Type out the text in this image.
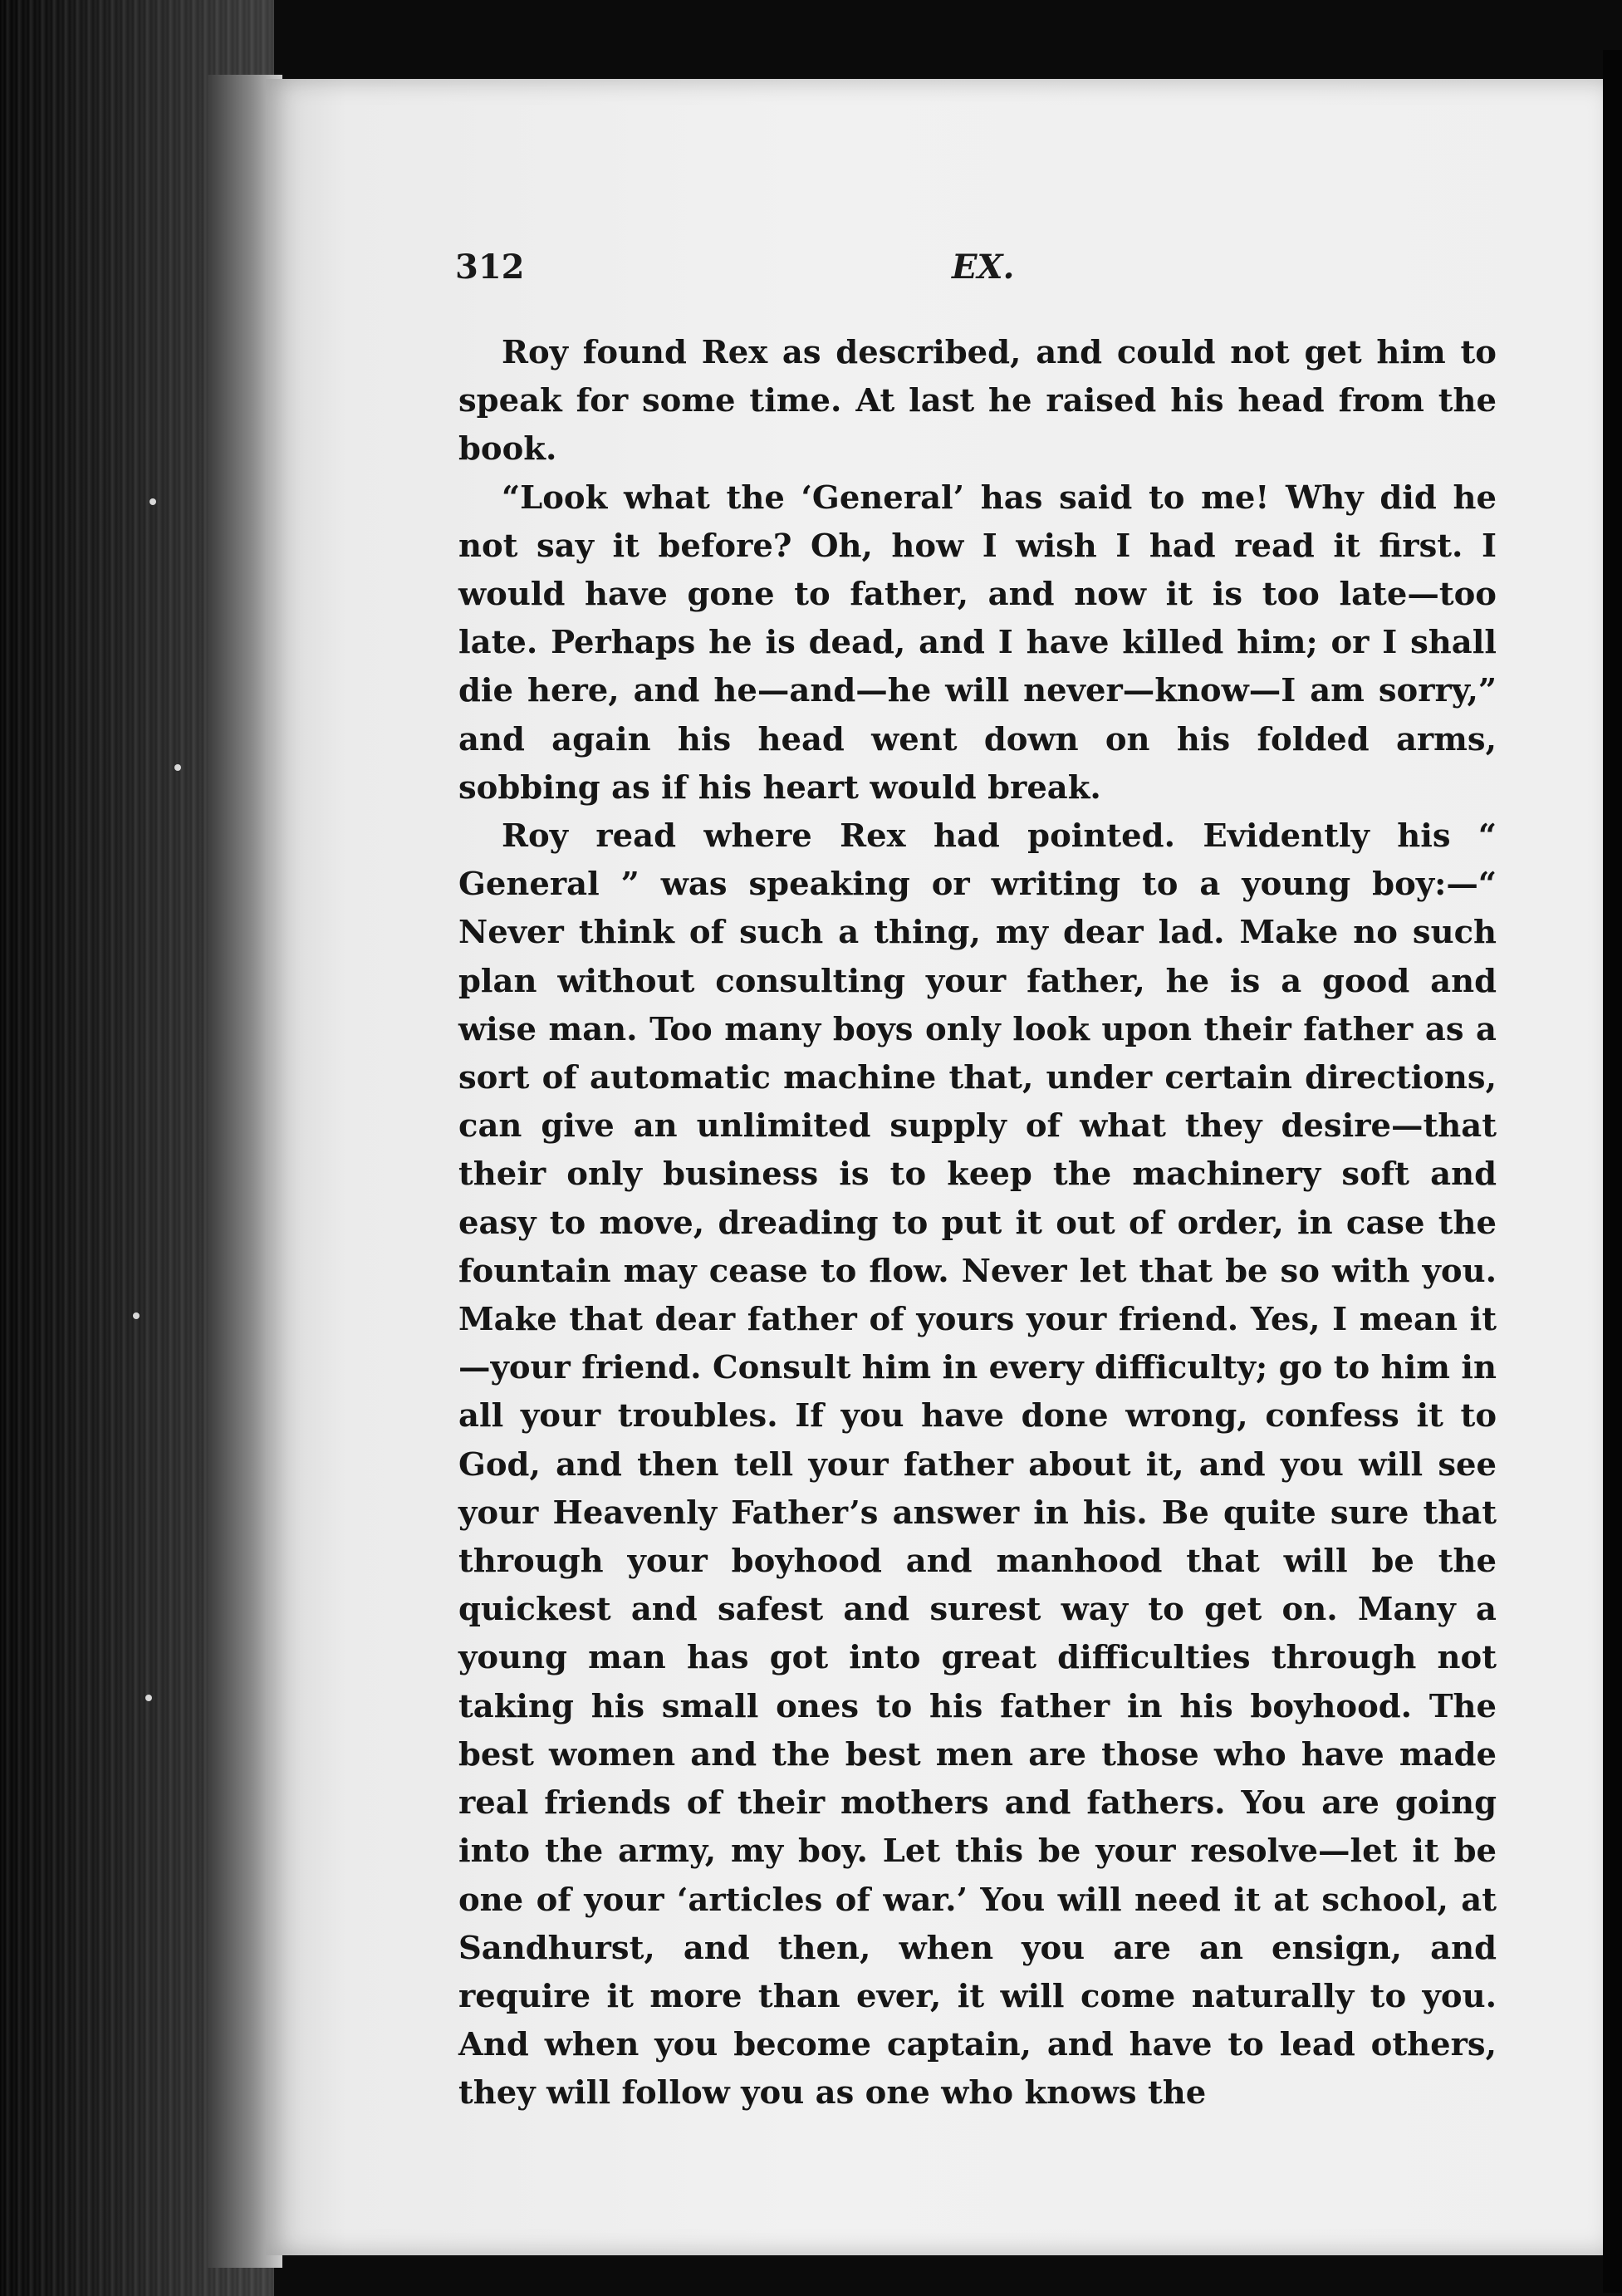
312	EX.

Roy found Rex as described, and could not get him to speak for some time. At last he raised his head from the book.

“Look what the ‘General’ has said to me! Why did he not say it before? Oh, how I wish I had read it first. I would have gone to father, and now it is too late—too late. Perhaps he is dead, and I have killed him; or I shall die here, and he—and—he will never—know—I am sorry,” and again his head went down on his folded arms, sobbing as if his heart would break.

Roy read where Rex had pointed. Evidently his “ General ” was speaking or writing to a young boy:—“ Never think of such a thing, my dear lad. Make no such plan without consulting your father, he is a good and wise man. Too many boys only look upon their father as a sort of automatic machine that, under certain directions, can give an unlimited supply of what they desire—that their only business is to keep the machinery soft and easy to move, dreading to put it out of order, in case the fountain may cease to flow. Never let that be so with you. Make that dear father of yours your friend. Yes, I mean it—your friend. Consult him in every difficulty; go to him in all your troubles. If you have done wrong, confess it to God, and then tell your father about it, and you will see your Heavenly Father’s answer in his. Be quite sure that through your boyhood and manhood that will be the quickest and safest and surest way to get on. Many a young man has got into great difficulties through not taking his small ones to his father in his boyhood. The best women and the best men are those who have made real friends of their mothers and fathers. You are going into the army, my boy. Let this be your resolve—let it be one of your ‘articles of war.’ You will need it at school, at Sandhurst, and then, when you are an ensign, and require it more than ever, it will come naturally to you. And when you become captain, and have to lead others, they will follow you as one who knows the
